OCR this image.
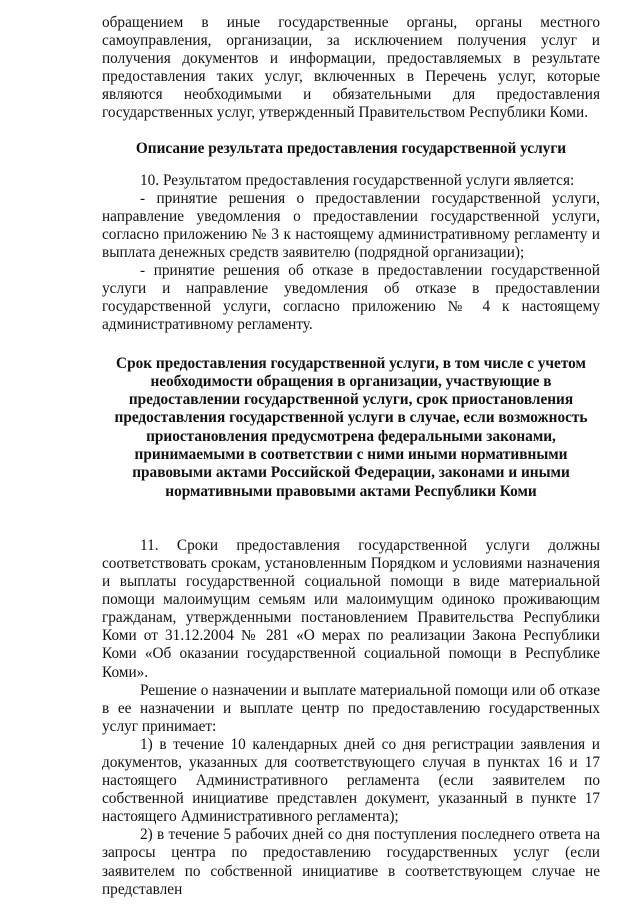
обращением в иные государственные органы, органы местного самоуправления, организации, за исключением получения услуг и получения документов и информации, предоставляемых в результате предоставления таких услуг, включенных в Перечень услуг, которые являются необходимыми и обязательными для предоставления государственных услуг, утвержденный Правительством Республики Коми.

Описание результата предоставления государственной услуги

10. Результатом предоставления государственной услуги является:

- принятие решения о предоставлении государственной услуги, направление уведомления о предоставлении государственной услуги, согласно приложению № 3 к настоящему административному регламенту и выплата денежных средств заявителю (подрядной организации);

- принятие решения об отказе в предоставлении государственной услуги и направление уведомления об отказе в предоставлении государственной услуги, согласно приложению № 4 к настоящему административному регламенту.

Срок предоставления государственной услуги, в том числе с учетом необходимости обращения в организации, участвующие в предоставлении государственной услуги, срок приостановления предоставления государственной услуги в случае, если возможность приостановления предусмотрена федеральными законами, принимаемыми в соответствии с ними иными нормативными правовыми актами Российской Федерации, законами и иными нормативными правовыми актами Республики Коми

11. Сроки предоставления государственной услуги должны соответствовать срокам, установленным Порядком и условиями назначения и выплаты государственной социальной помощи в виде материальной помощи малоимущим семьям или малоимущим одиноко проживающим гражданам, утвержденными постановлением Правительства Республики Коми от 31.12.2004 № 281 «О мерах по реализации Закона Республики Коми «Об оказании государственной социальной помощи в Республике Коми».

Решение о назначении и выплате материальной помощи или об отказе в ее назначении и выплате центр по предоставлению государственных услуг принимает:

1) в течение 10 календарных дней со дня регистрации заявления и документов, указанных для соответствующего случая в пунктах 16 и 17 настоящего Административного регламента (если заявителем по собственной инициативе представлен документ, указанный в пункте 17 настоящего Административного регламента);

2) в течение 5 рабочих дней со дня поступления последнего ответа на запросы центра по предоставлению государственных услуг (если заявителем по собственной инициативе в соответствующем случае не представлен
